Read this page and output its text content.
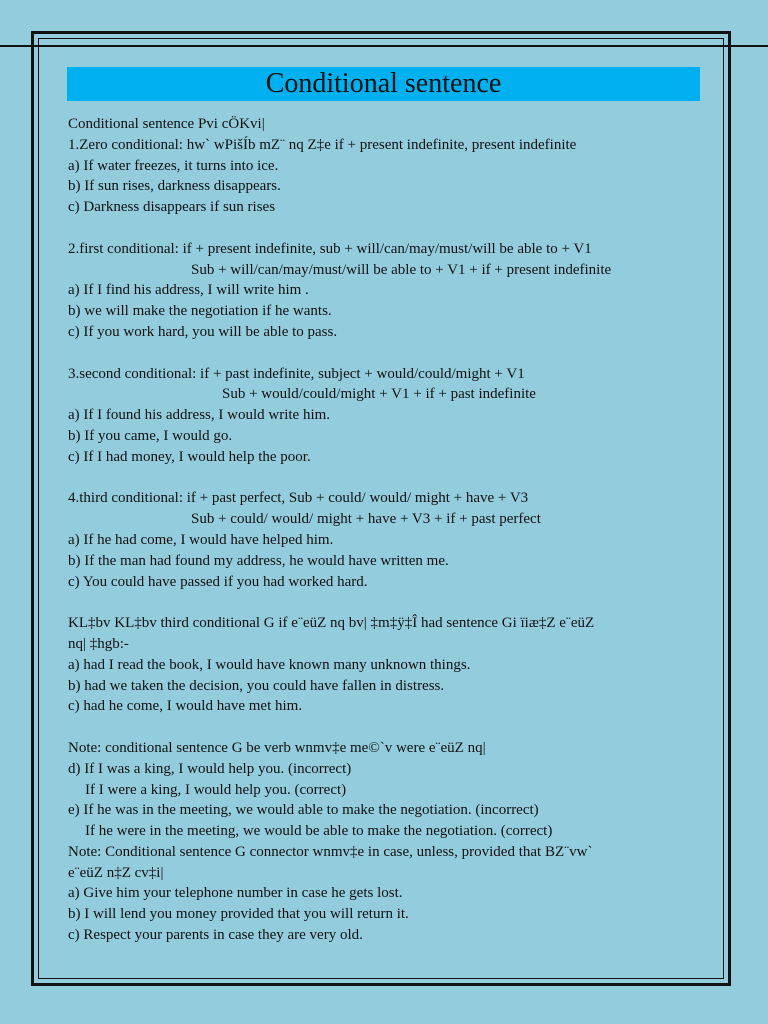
Conditional sentence
Conditional sentence Pvi cÖKvi|
1.Zero conditional: hw` wPišÍb mZ¨ nq Z‡e if + present indefinite, present indefinite
a) If water freezes, it turns into ice.
b) If sun rises, darkness disappears.
c) Darkness disappears if sun rises
2.first conditional: if + present indefinite, sub + will/can/may/must/will be able to + V1
Sub + will/can/may/must/will be able to + V1 + if + present indefinite
a) If I find his address, I will write him .
b) we will make the negotiation if he wants.
c) If you work hard, you will be able to pass.
3.second conditional: if + past indefinite, subject + would/could/might + V1
Sub + would/could/might + V1 + if + past indefinite
a) If I found his address, I would write him.
b) If you came, I would go.
c) If I had money, I would help the poor.
4.third conditional: if + past perfect, Sub + could/ would/ might + have + V3
Sub + could/ would/ might + have + V3 + if + past perfect
a) If he had come, I would have helped him.
b) If the man had found my address, he would have written me.
c) You could have passed if you had worked hard.
KL‡bv KL‡bv third conditional G if e¨eüZ nq bv| ‡m‡ÿ‡Î had sentence Gi ïiæ‡Z e¨eüZ
nq| ‡hgb:-
a) had I read the book, I would have known many unknown things.
b) had we taken the decision, you could have fallen in distress.
c) had he come, I would have met him.
Note: conditional sentence G be verb wnmv‡e me©`v were e¨eüZ nq|
d) If I was a king, I would help you. (incorrect)
If I were a king, I would help you. (correct)
e) If he was in the meeting, we would able to make the negotiation. (incorrect)
If he were in the meeting, we would be able to make the negotiation. (correct)
Note: Conditional sentence G connector wnmv‡e in case, unless, provided that BZ¨vw`
e¨eüZ n‡Z cv‡i|
a) Give him your telephone number in case he gets lost.
b) I will lend you money provided that you will return it.
c) Respect your parents in case they are very old.
